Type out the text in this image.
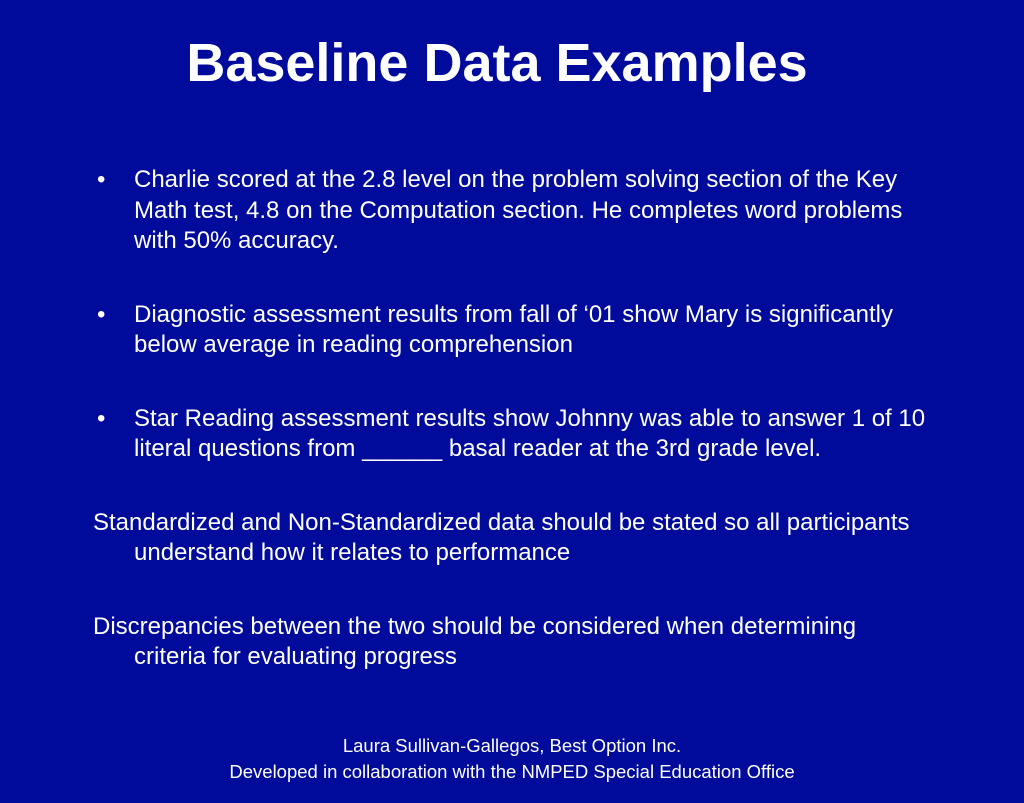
Baseline Data Examples
• Charlie scored at the 2.8 level on the problem solving section of the Key Math test, 4.8 on the Computation section. He completes word problems with 50% accuracy.
• Diagnostic assessment results from fall of ‘01 show Mary is significantly below average in reading comprehension
• Star Reading assessment results show Johnny was able to answer 1 of 10 literal questions from ______ basal reader at the 3rd grade level.
Standardized and Non-Standardized data should be stated so all participants understand how it relates to performance
Discrepancies between the two should be considered when determining criteria for evaluating progress
Laura Sullivan-Gallegos, Best Option Inc.
Developed in collaboration with the NMPED Special Education Office
